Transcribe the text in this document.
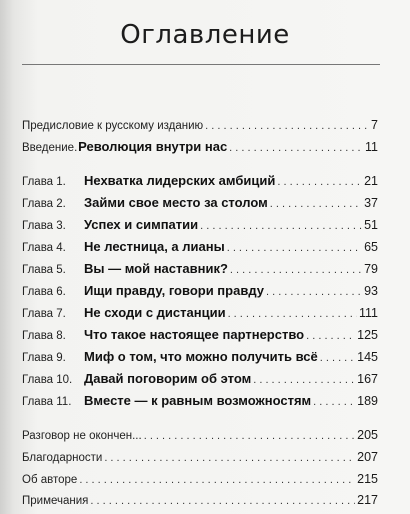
Оглавление
Предисловие к русскому изданию . . .	7
Введение. Революция внутри нас . . .	11
Глава 1.	Нехватка лидерских амбиций . . .	21
Глава 2.	Займи свое место за столом . . .	37
Глава 3.	Успех и симпатии . . .	51
Глава 4.	Не лестница, а лианы . . .	65
Глава 5.	Вы — мой наставник? . . .	79
Глава 6.	Ищи правду, говори правду . . .	93
Глава 7.	Не сходи с дистанции . . .	111
Глава 8.	Что такое настоящее партнерство . . .	125
Глава 9.	Миф о том, что можно получить всё . . .	145
Глава 10. Давай поговорим об этом . . .	167
Глава 11. Вместе — к равным возможностям . . .	189
Разговор не окончен... . . .	205
Благодарности . . .	207
Об авторе . . .	215
Примечания . . .	217
